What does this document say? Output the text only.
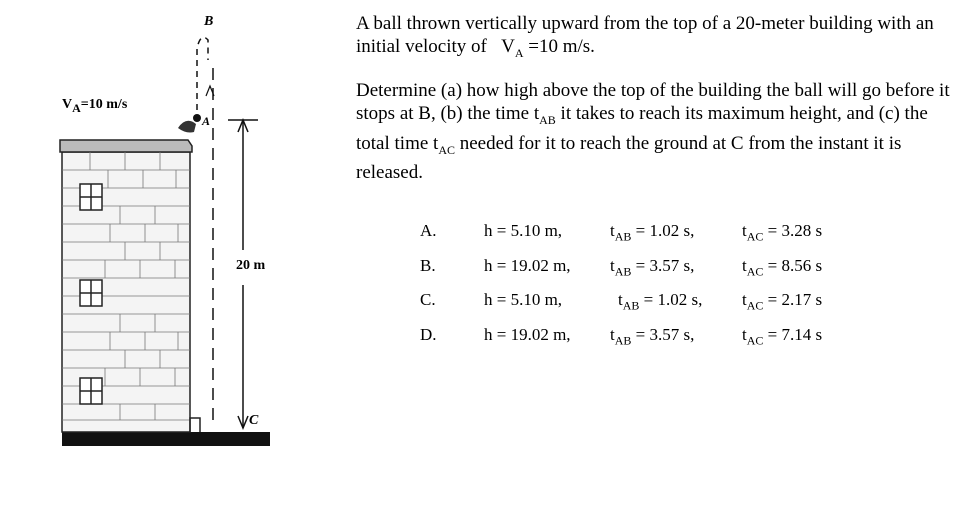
$V_A=10$ m/s
B
A
C
20 m

A ball thrown vertically upward from the top of a 20-meter building with an initial velocity of $V_A =10$ m/s.

Determine (a) how high above the top of the building the ball will go before it stops at B, (b) the time $t_{AB}$ it takes to reach its maximum height, and (c) the total time $t_{AC}$ needed for it to reach the ground at C from the instant it is released.

A.	h = 5.10 m,	$t_{AB} = 1.02$ s,	$t_{AC} = 3.28$ s
B.	h = 19.02 m, $t_{AB} = 3.57$ s,	$t_{AC} = 8.56$ s
C.	h = 5.10 m,	$t_{AB} = 1.02$ s, $t_{AC} = 2.17$ s
D.	h = 19.02 m, $t_{AB} = 3.57$ s,	$t_{AC} = 7.14$ s
